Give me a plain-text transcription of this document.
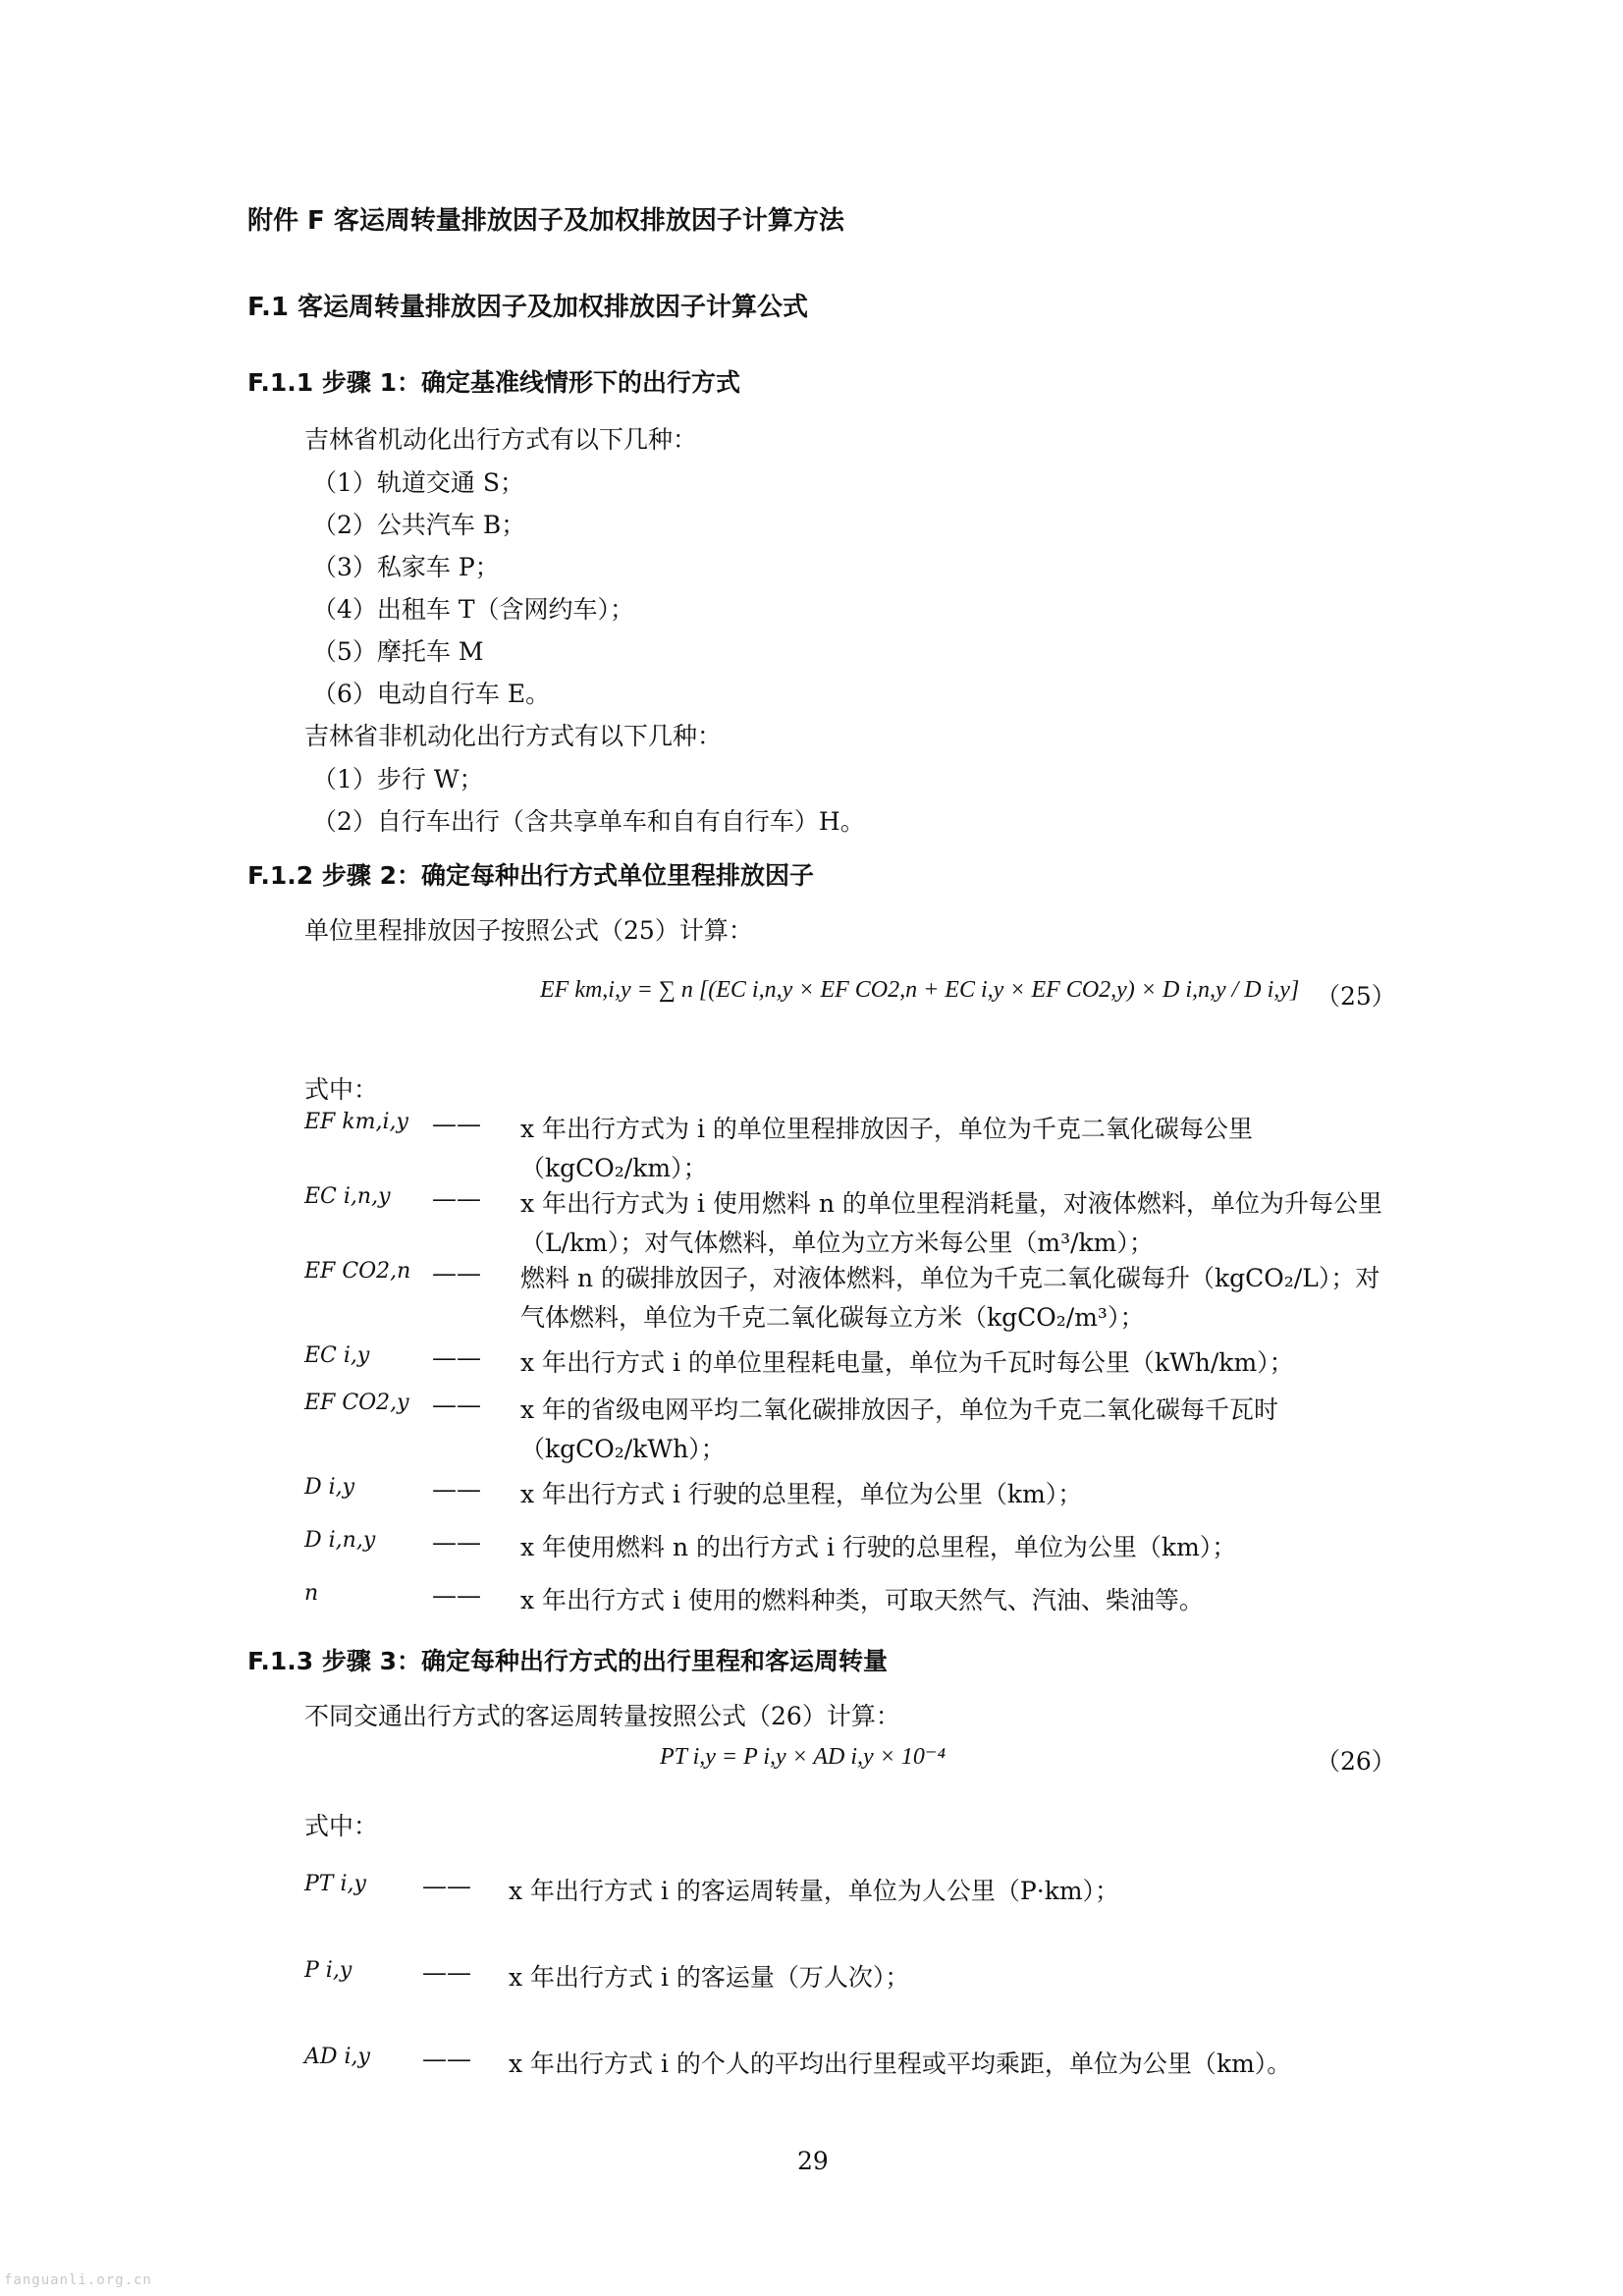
附件 F 客运周转量排放因子及加权排放因子计算方法
F.1 客运周转量排放因子及加权排放因子计算公式
F.1.1 步骤 1：确定基准线情形下的出行方式
吉林省机动化出行方式有以下几种：
（1）轨道交通 S；
（2）公共汽车 B；
（3）私家车 P；
（4）出租车 T（含网约车）；
（5）摩托车 M
（6）电动自行车 E。
吉林省非机动化出行方式有以下几种：
（1）步行 W；
（2）自行车出行（含共享单车和自有自行车）H。
F.1.2 步骤 2：确定每种出行方式单位里程排放因子
单位里程排放因子按照公式（25）计算：
EF km,i,y = ∑ n [(EC i,n,y × EF CO2,n + EC i,y × EF CO2,y) × D i,n,y / D i,y] （25）
式中：
EF km,i,y —— x 年出行方式为 i 的单位里程排放因子，单位为千克二氧化碳每公里（kgCO₂/km）；
EC i,n,y —— x 年出行方式为 i 使用燃料 n 的单位里程消耗量，对液体燃料，单位为升每公里（L/km）；对气体燃料，单位为立方米每公里（m³/km）；
EF CO2,n —— 燃料 n 的碳排放因子，对液体燃料，单位为千克二氧化碳每升（kgCO₂/L）；对气体燃料，单位为千克二氧化碳每立方米（kgCO₂/m³）；
EC i,y	—— x 年出行方式 i 的单位里程耗电量，单位为千瓦时每公里（kWh/km）；
EF CO2,y —— x 年的省级电网平均二氧化碳排放因子，单位为千克二氧化碳每千瓦时（kgCO₂/kWh）；
D i,y	—— x 年出行方式 i 行驶的总里程，单位为公里（km）；
D i,n,y —— x 年使用燃料 n 的出行方式 i 行驶的总里程，单位为公里（km）；
n	—— x 年出行方式 i 使用的燃料种类，可取天然气、汽油、柴油等。
F.1.3 步骤 3：确定每种出行方式的出行里程和客运周转量
不同交通出行方式的客运周转量按照公式（26）计算：
PT i,y = P i,y × AD i,y × 10⁻⁴	（26）
式中：
PT i,y —— x 年出行方式 i 的客运周转量，单位为人公里（P·km）；
P i,y	—— x 年出行方式 i 的客运量（万人次）；
AD i,y —— x 年出行方式 i 的个人的平均出行里程或平均乘距，单位为公里（km）。
29
fanguanli.org.cn
